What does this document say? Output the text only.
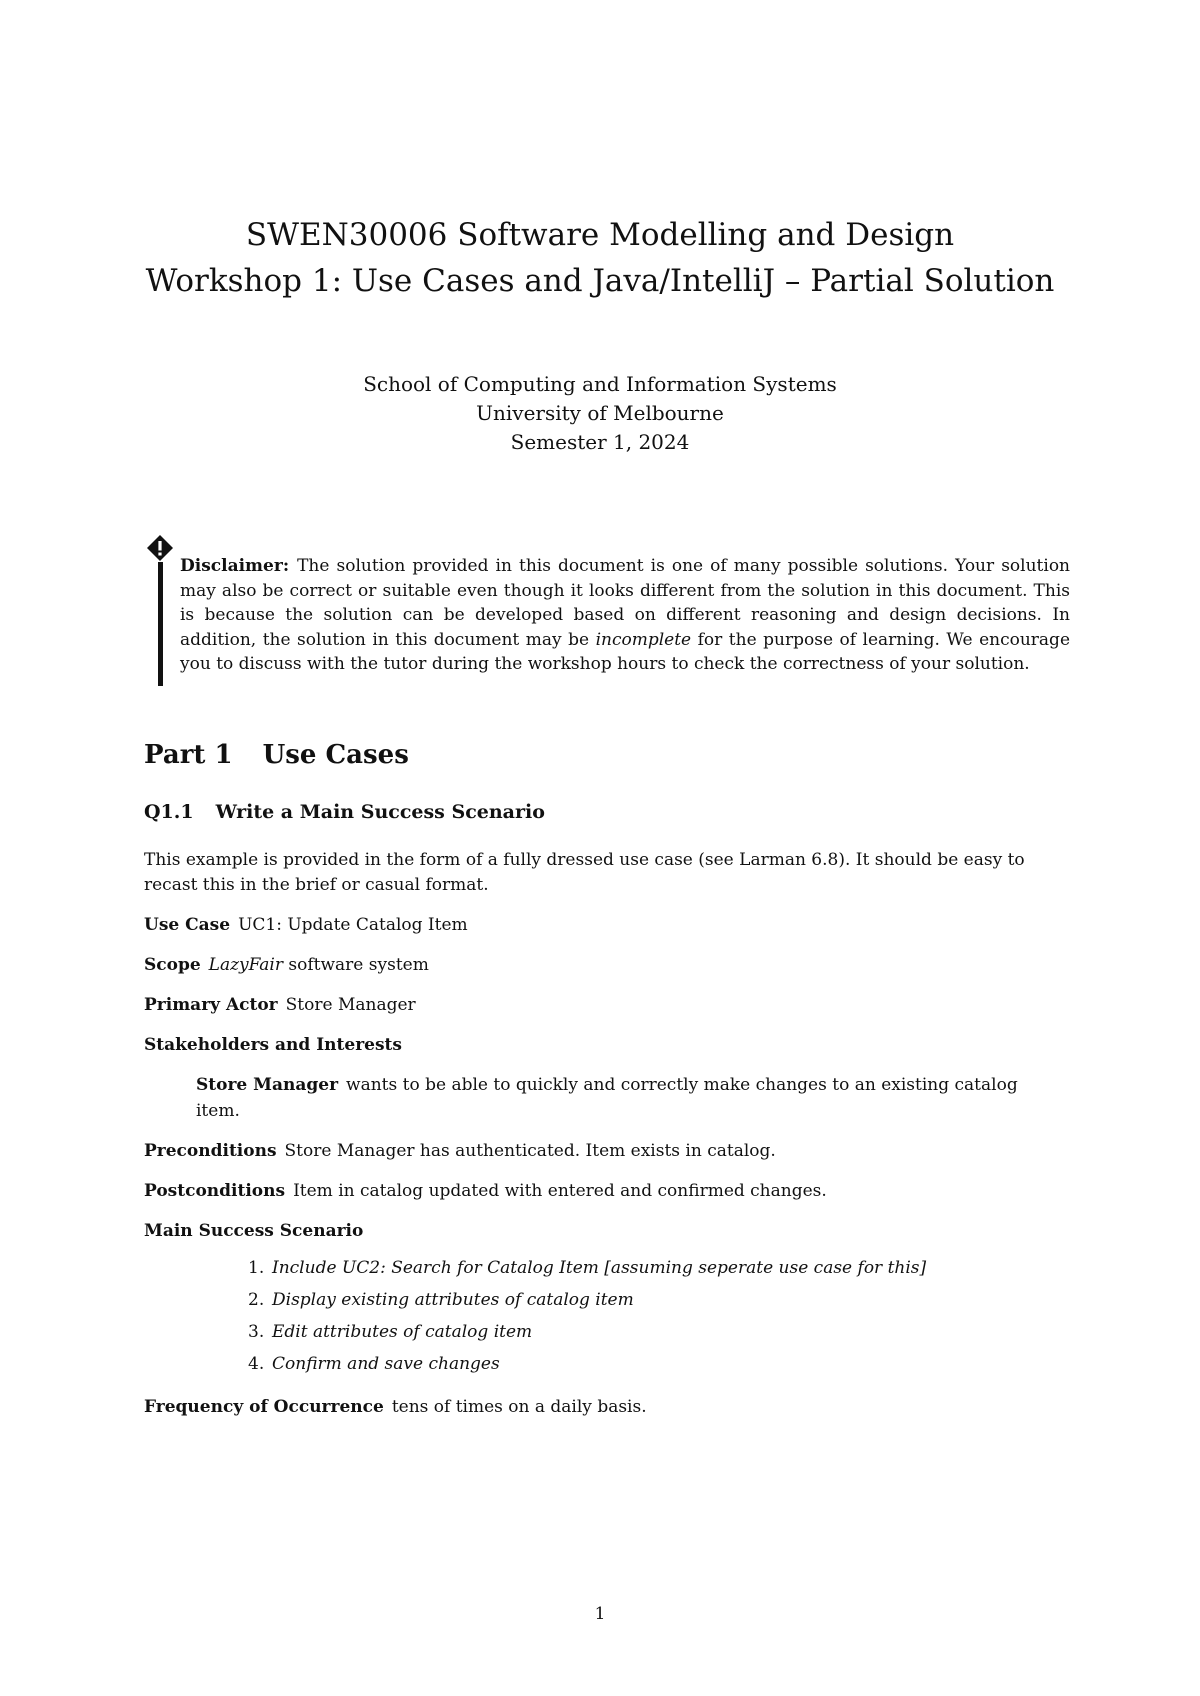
SWEN30006 Software Modelling and Design
Workshop 1: Use Cases and Java/IntelliJ – Partial Solution
School of Computing and Information Systems
University of Melbourne
Semester 1, 2024
Disclaimer: The solution provided in this document is one of many possible solutions. Your solution may also be correct or suitable even though it looks different from the solution in this document. This is because the solution can be developed based on different reasoning and design decisions. In addition, the solution in this document may be incomplete for the purpose of learning. We encourage you to discuss with the tutor during the workshop hours to check the correctness of your solution.
Part 1 Use Cases
Q1.1 Write a Main Success Scenario

This example is provided in the form of a fully dressed use case (see Larman 6.8). It should be easy to recast this in the brief or casual format.

Use Case UC1: Update Catalog Item
Scope LazyFair software system
Primary Actor Store Manager
Stakeholders and Interests
Store Manager wants to be able to quickly and correctly make changes to an existing catalog item.
Preconditions Store Manager has authenticated. Item exists in catalog.
Postconditions Item in catalog updated with entered and confirmed changes.
Main Success Scenario
1. Include UC2: Search for Catalog Item [assuming seperate use case for this]
2. Display existing attributes of catalog item
3. Edit attributes of catalog item
4. Confirm and save changes
Frequency of Occurrence tens of times on a daily basis.
1
